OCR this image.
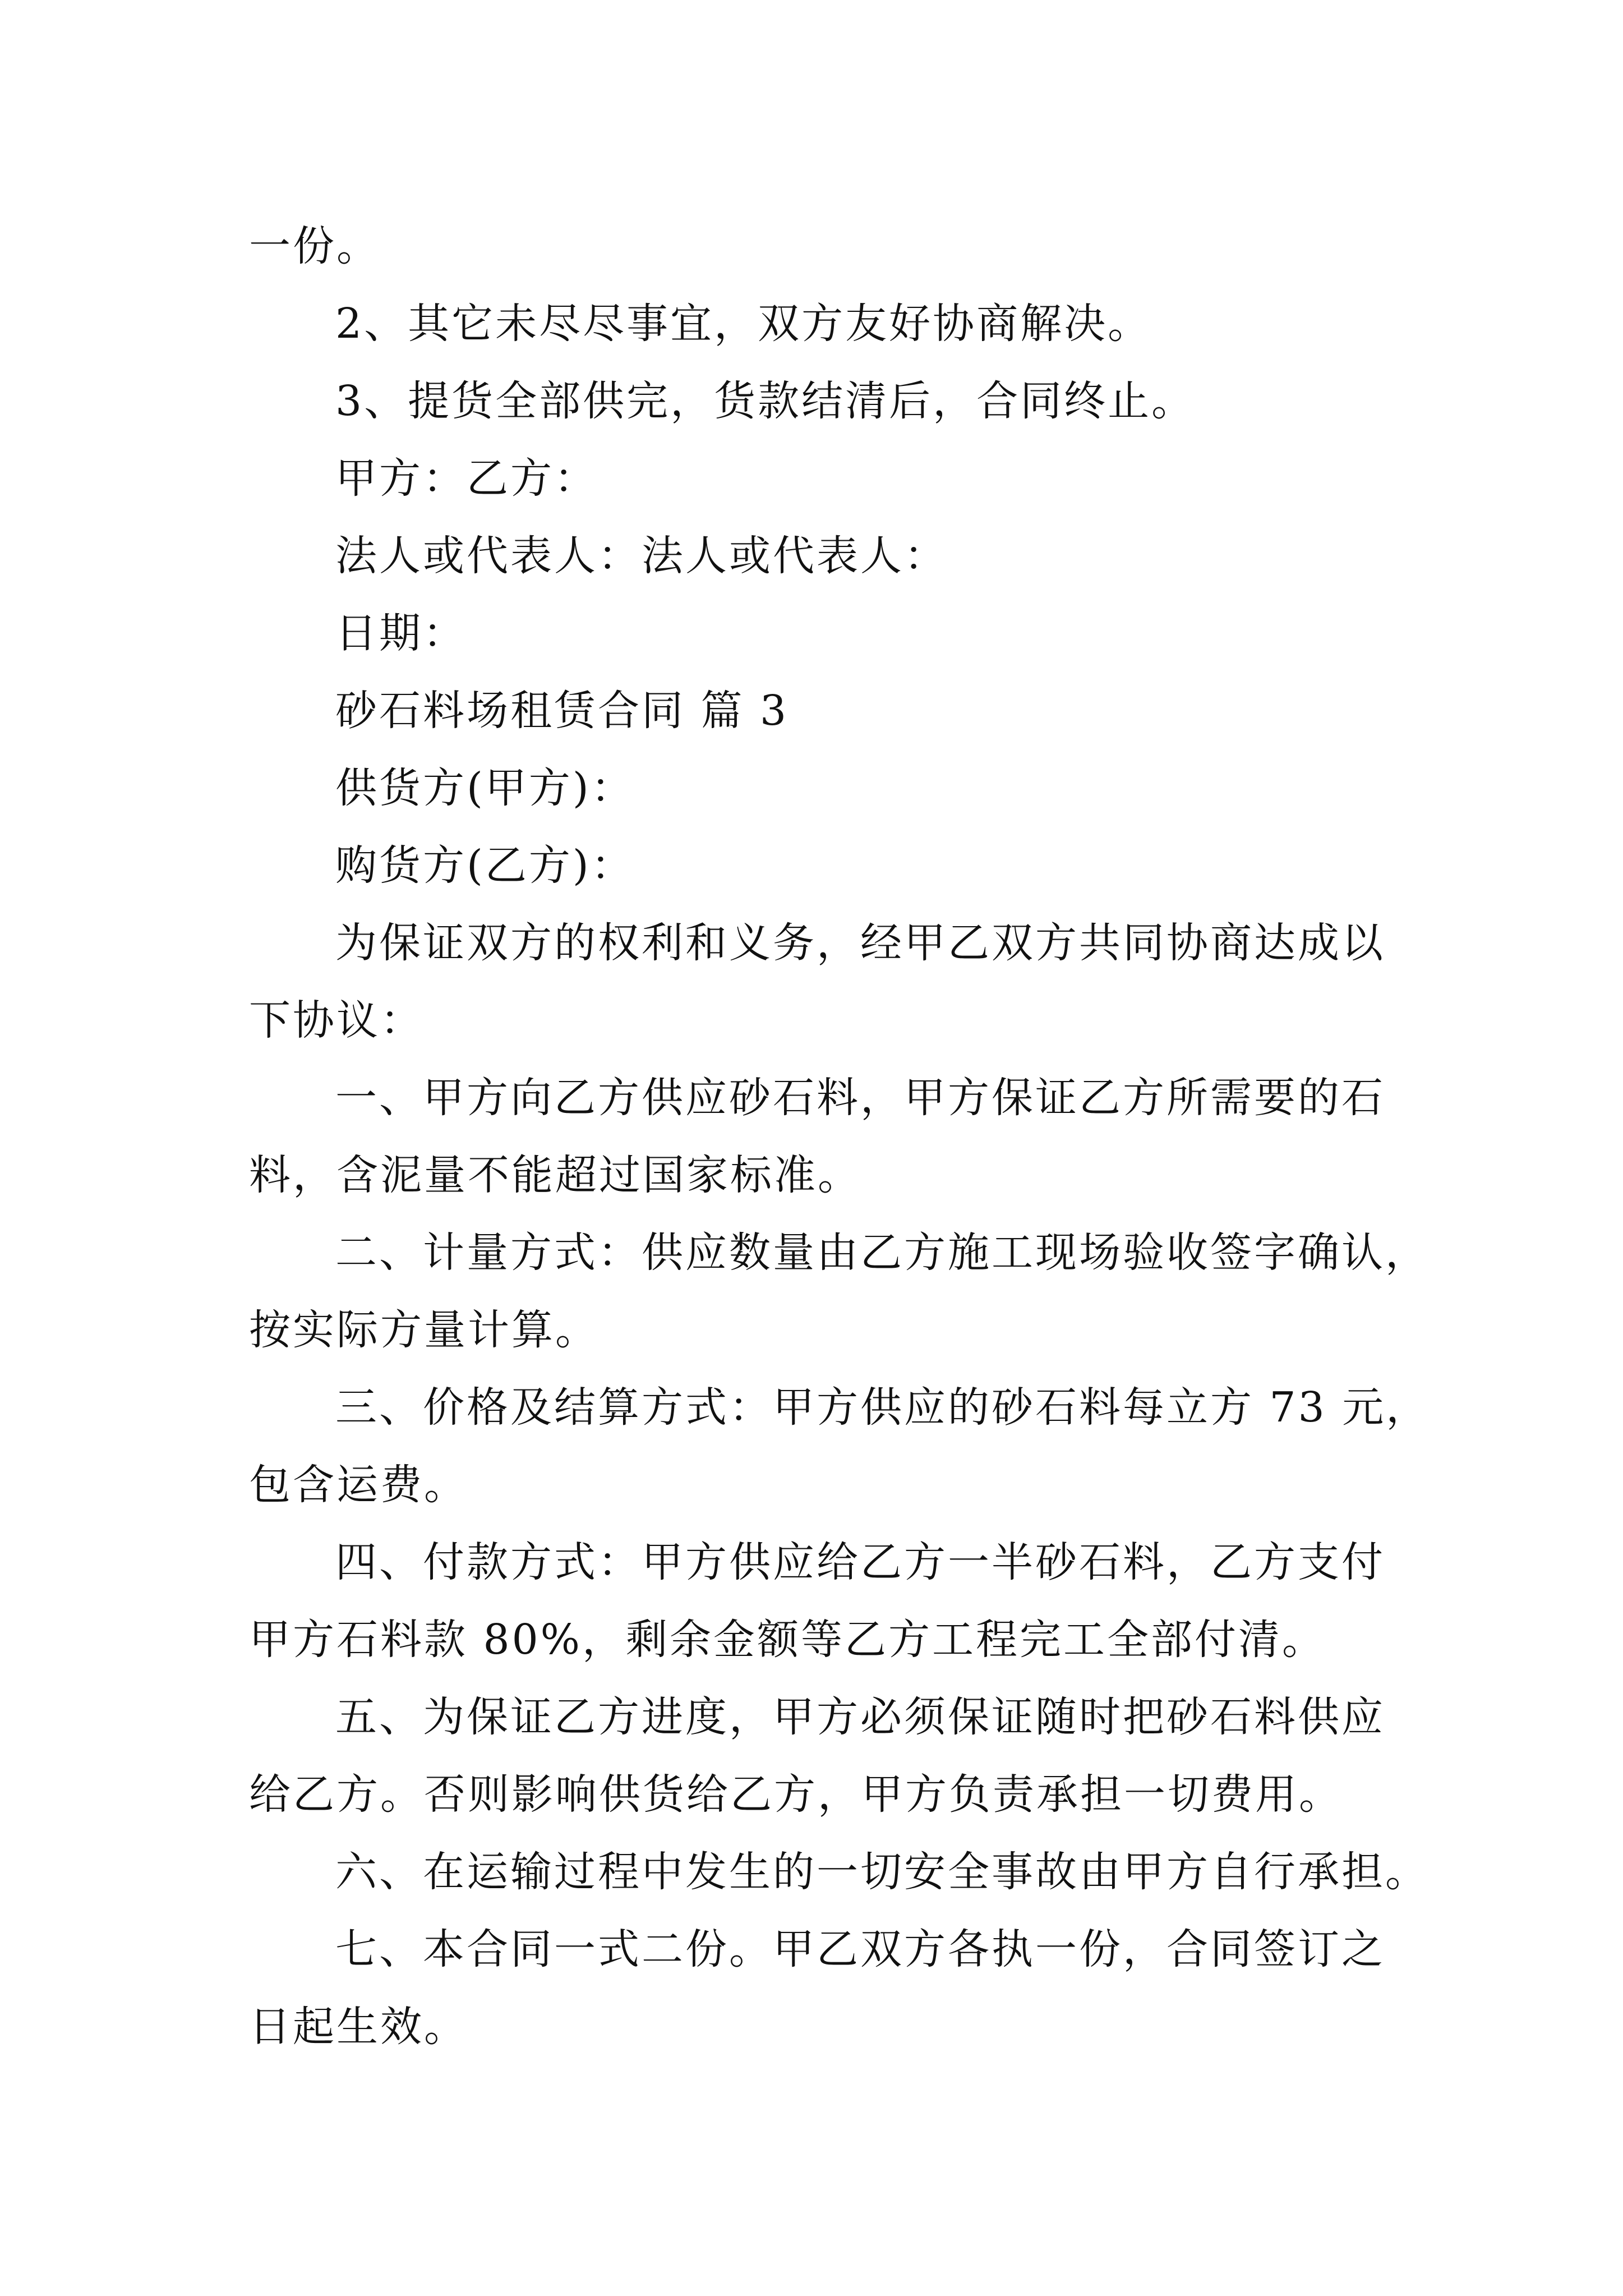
一份。
2、其它未尽尽事宜，双方友好协商解决。
3、提货全部供完，货款结清后，合同终止。
甲方：乙方：
法人或代表人：法人或代表人：
日期：
砂石料场租赁合同 篇 3
供货方(甲方)：
购货方(乙方)：
为保证双方的权利和义务，经甲乙双方共同协商达成以
下协议：
一、甲方向乙方供应砂石料，甲方保证乙方所需要的石
料，含泥量不能超过国家标准。
二、计量方式：供应数量由乙方施工现场验收签字确认，
按实际方量计算。
三、价格及结算方式：甲方供应的砂石料每立方 73 元，
包含运费。
四、付款方式：甲方供应给乙方一半砂石料，乙方支付
甲方石料款 80%，剩余金额等乙方工程完工全部付清。
五、为保证乙方进度，甲方必须保证随时把砂石料供应
给乙方。否则影响供货给乙方，甲方负责承担一切费用。
六、在运输过程中发生的一切安全事故由甲方自行承担。
七、本合同一式二份。甲乙双方各执一份，合同签订之
日起生效。
